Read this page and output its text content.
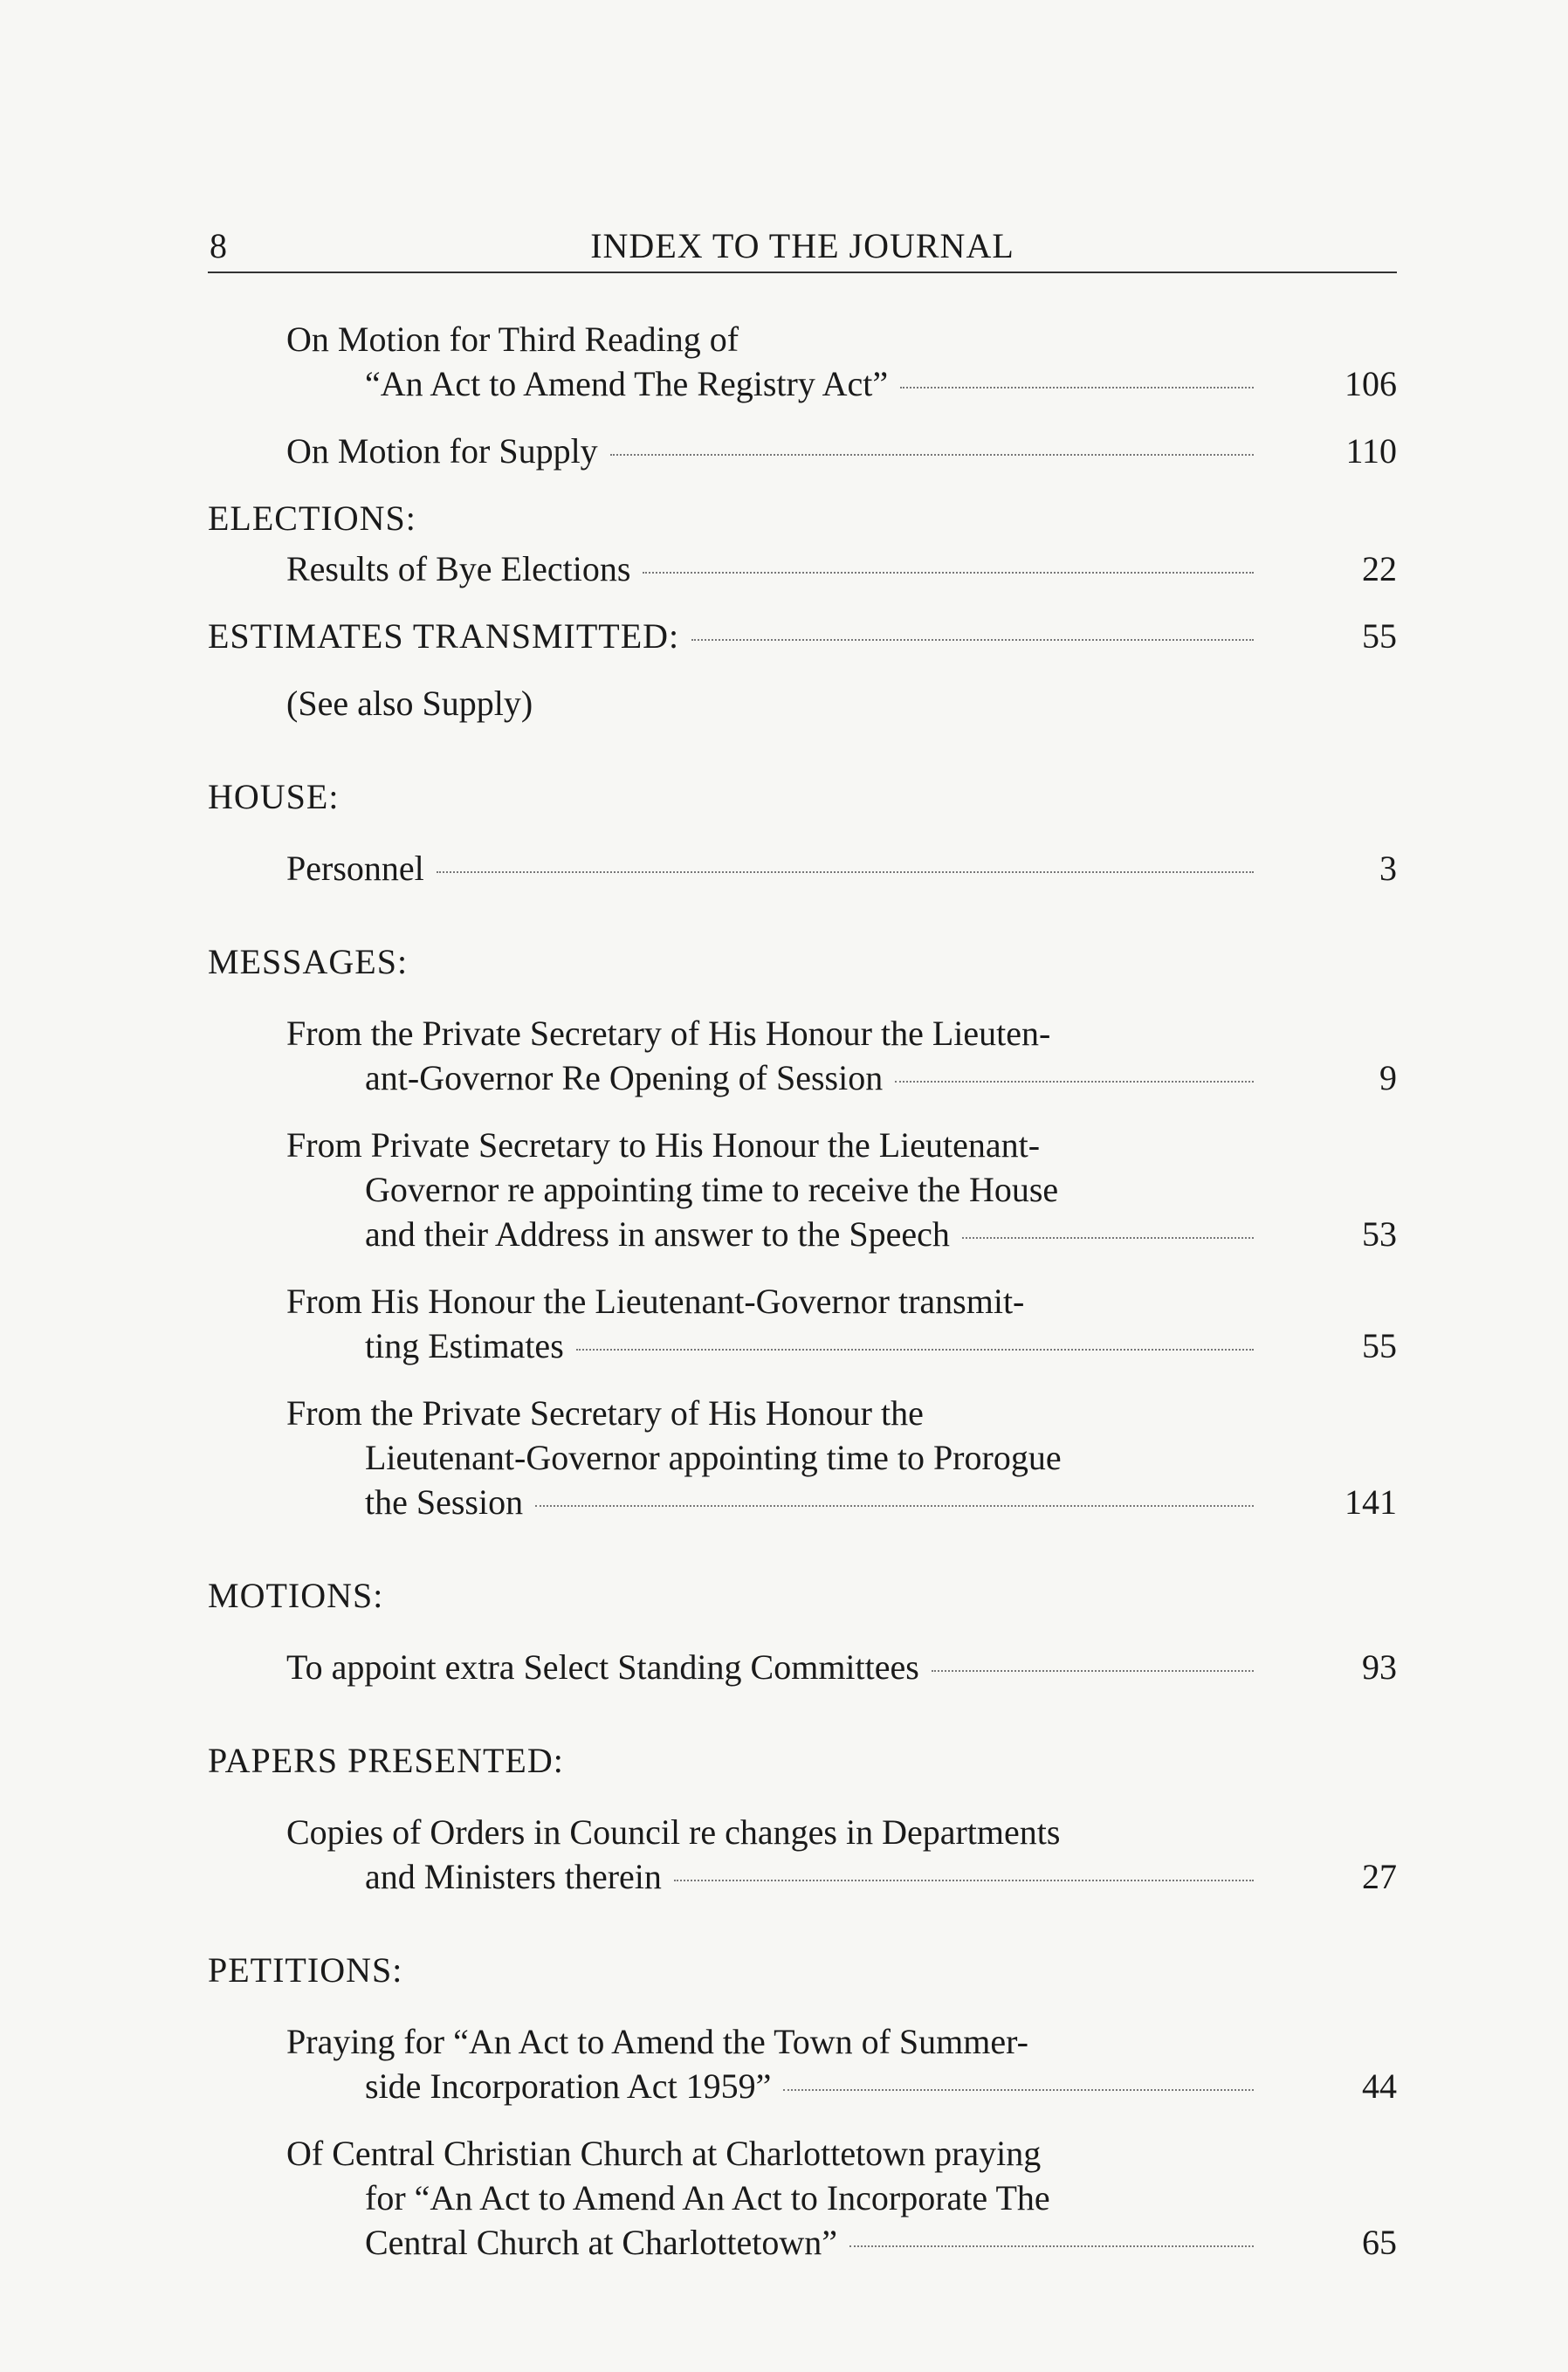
8	INDEX TO THE JOURNAL
On Motion for Third Reading of
“An Act to Amend The Registry Act”	106
On Motion for Supply	110
ELECTIONS:
Results of Bye Elections	22
ESTIMATES TRANSMITTED:	55
(See also Supply)
HOUSE:
Personnel	3
MESSAGES:
From the Private Secretary of His Honour the Lieuten-
ant-Governor Re Opening of Session	9
From Private Secretary to His Honour the Lieutenant-
Governor re appointing time to receive the House
and their Address in answer to the Speech	53
From His Honour the Lieutenant-Governor transmit-
ting Estimates	55
From the Private Secretary of His Honour the
Lieutenant-Governor appointing time to Prorogue
the Session	141
MOTIONS:
To appoint extra Select Standing Committees	93
PAPERS PRESENTED:
Copies of Orders in Council re changes in Departments
and Ministers therein	27
PETITIONS:
Praying for “An Act to Amend the Town of Summer-
side Incorporation Act 1959”	44
Of Central Christian Church at Charlottetown praying
for “An Act to Amend An Act to Incorporate The
Central Church at Charlottetown”	65
